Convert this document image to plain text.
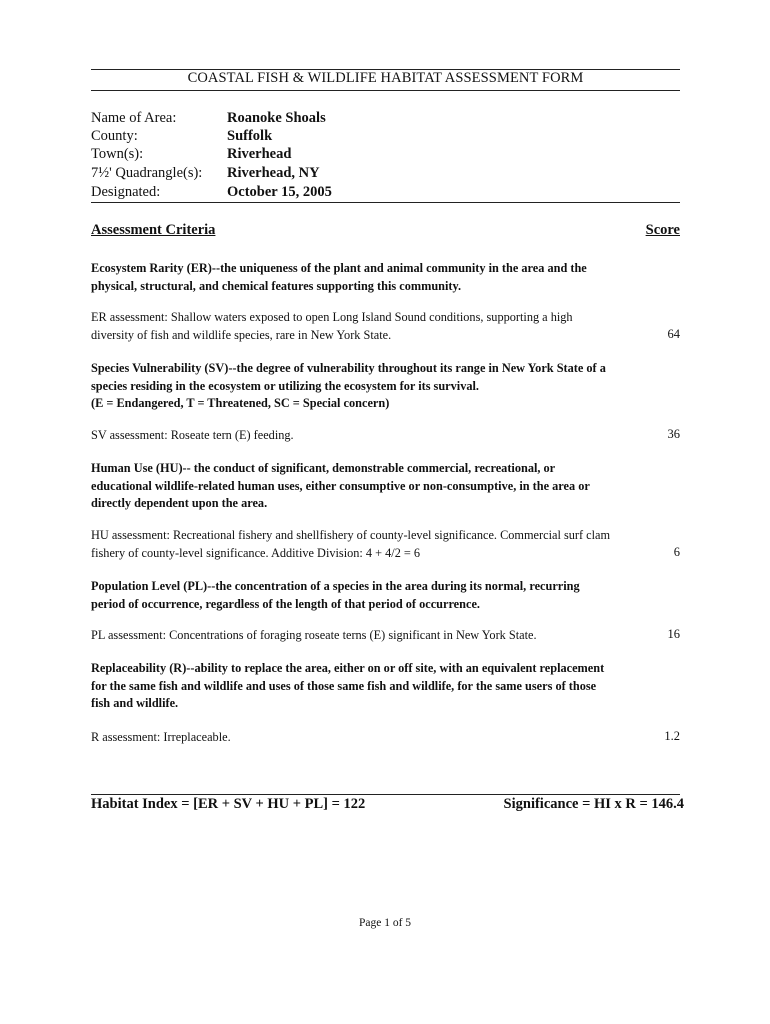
COASTAL FISH & WILDLIFE HABITAT ASSESSMENT FORM
Name of Area:	Roanoke Shoals
County:	Suffolk
Town(s):	Riverhead
7½' Quadrangle(s): Riverhead, NY
Designated:	October 15, 2005
Assessment Criteria	Score
Ecosystem Rarity (ER)--the uniqueness of the plant and animal community in the area and the physical, structural, and chemical features supporting this community.
ER assessment: Shallow waters exposed to open Long Island Sound conditions, supporting a high diversity of fish and wildlife species, rare in New York State.	64
Species Vulnerability (SV)--the degree of vulnerability throughout its range in New York State of a species residing in the ecosystem or utilizing the ecosystem for its survival.
(E = Endangered, T = Threatened, SC = Special concern)
SV assessment: Roseate tern (E) feeding.	36
Human Use (HU)-- the conduct of significant, demonstrable commercial, recreational, or educational wildlife-related human uses, either consumptive or non-consumptive, in the area or directly dependent upon the area.
HU assessment: Recreational fishery and shellfishery of county-level significance. Commercial surf clam fishery of county-level significance. Additive Division: 4 + 4/2 = 6	6
Population Level (PL)--the concentration of a species in the area during its normal, recurring period of occurrence, regardless of the length of that period of occurrence.
PL assessment: Concentrations of foraging roseate terns (E) significant in New York State.	16
Replaceability (R)--ability to replace the area, either on or off site, with an equivalent replacement for the same fish and wildlife and uses of those same fish and wildlife, for the same users of those fish and wildlife.
R assessment: Irreplaceable.	1.2
Habitat Index = [ER + SV + HU + PL] = 122	Significance = HI x R = 146.4
Page 1 of 5
